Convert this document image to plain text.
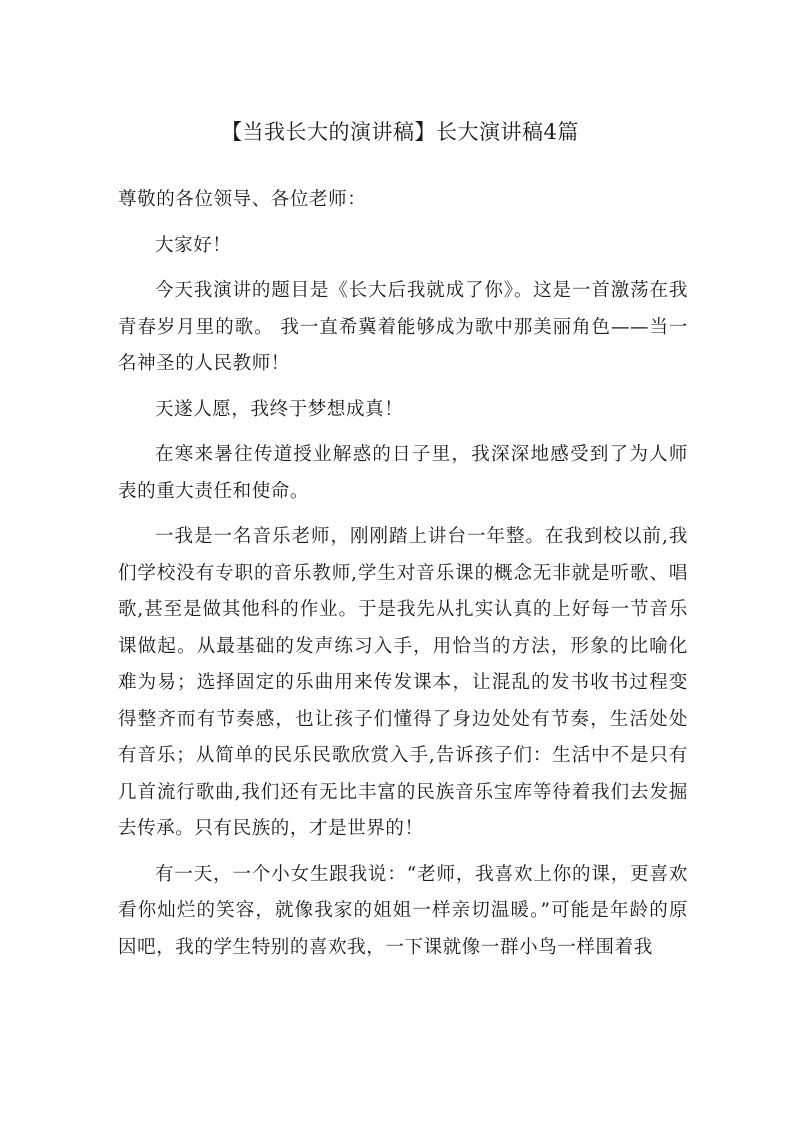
【当我长大的演讲稿】长大演讲稿4篇

尊敬的各位领导、各位老师：

大家好！

今天我演讲的题目是《长大后我就成了你》。这是一首激荡在我青春岁月里的歌。 我一直希冀着能够成为歌中那美丽角色——当一名神圣的人民教师！

天遂人愿，我终于梦想成真！

在寒来暑往传道授业解惑的日子里，我深深地感受到了为人师表的重大责任和使命。

一我是一名音乐老师，刚刚踏上讲台一年整。在我到校以前,我们学校没有专职的音乐教师,学生对音乐课的概念无非就是听歌、唱歌,甚至是做其他科的作业。于是我先从扎实认真的上好每一节音乐课做起。从最基础的发声练习入手，用恰当的方法，形象的比喻化难为易；选择固定的乐曲用来传发课本，让混乱的发书收书过程变得整齐而有节奏感，也让孩子们懂得了身边处处有节奏，生活处处有音乐；从简单的民乐民歌欣赏入手,告诉孩子们：生活中不是只有几首流行歌曲,我们还有无比丰富的民族音乐宝库等待着我们去发掘去传承。只有民族的，才是世界的！

有一天，一个小女生跟我说：“老师，我喜欢上你的课，更喜欢看你灿烂的笑容，就像我家的姐姐一样亲切温暖。”可能是年龄的原因吧，我的学生特别的喜欢我，一下课就像一群小鸟一样围着我
